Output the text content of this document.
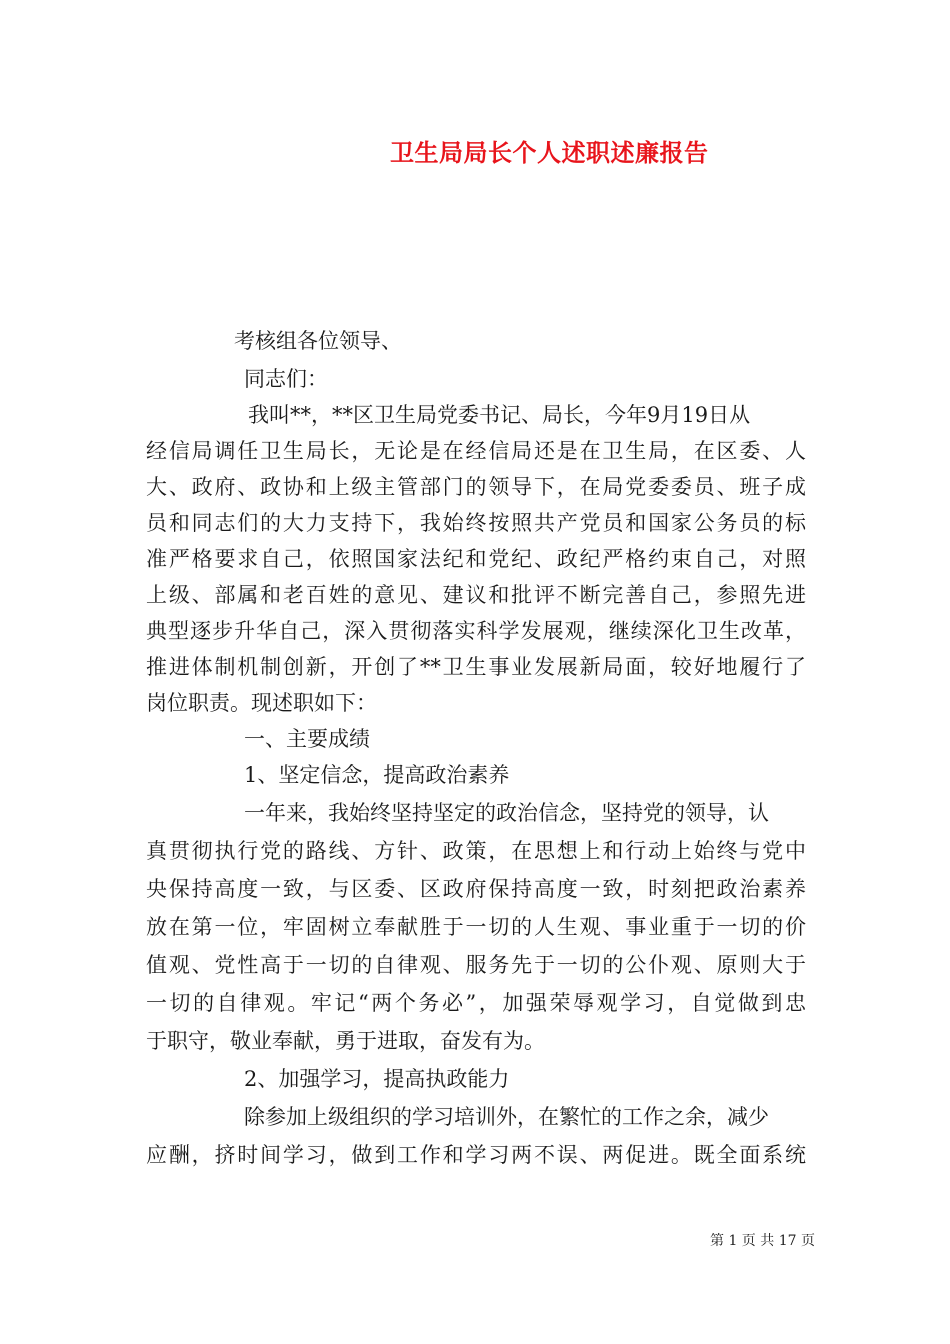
卫生局局长个人述职述廉报告
考核组各位领导、
同志们：
我叫**，**区卫生局党委书记、局长，今年9月19日从
经信局调任卫生局长，无论是在经信局还是在卫生局，在区委、人
大、政府、政协和上级主管部门的领导下，在局党委委员、班子成
员和同志们的大力支持下，我始终按照共产党员和国家公务员的标
准严格要求自己，依照国家法纪和党纪、政纪严格约束自己，对照
上级、部属和老百姓的意见、建议和批评不断完善自己，参照先进
典型逐步升华自己，深入贯彻落实科学发展观，继续深化卫生改革，
推进体制机制创新，开创了**卫生事业发展新局面，较好地履行了
岗位职责。现述职如下：
一、主要成绩
1、坚定信念，提高政治素养
一年来，我始终坚持坚定的政治信念，坚持党的领导，认
真贯彻执行党的路线、方针、政策，在思想上和行动上始终与党中
央保持高度一致，与区委、区政府保持高度一致，时刻把政治素养
放在第一位，牢固树立奉献胜于一切的人生观、事业重于一切的价
值观、党性高于一切的自律观、服务先于一切的公仆观、原则大于
一切的自律观。牢记“两个务必”，加强荣辱观学习，自觉做到忠
于职守，敬业奉献，勇于进取，奋发有为。
2、加强学习，提高执政能力
除参加上级组织的学习培训外，在繁忙的工作之余，减少
应酬，挤时间学习，做到工作和学习两不误、两促进。既全面系统
第 1 页 共 17 页
